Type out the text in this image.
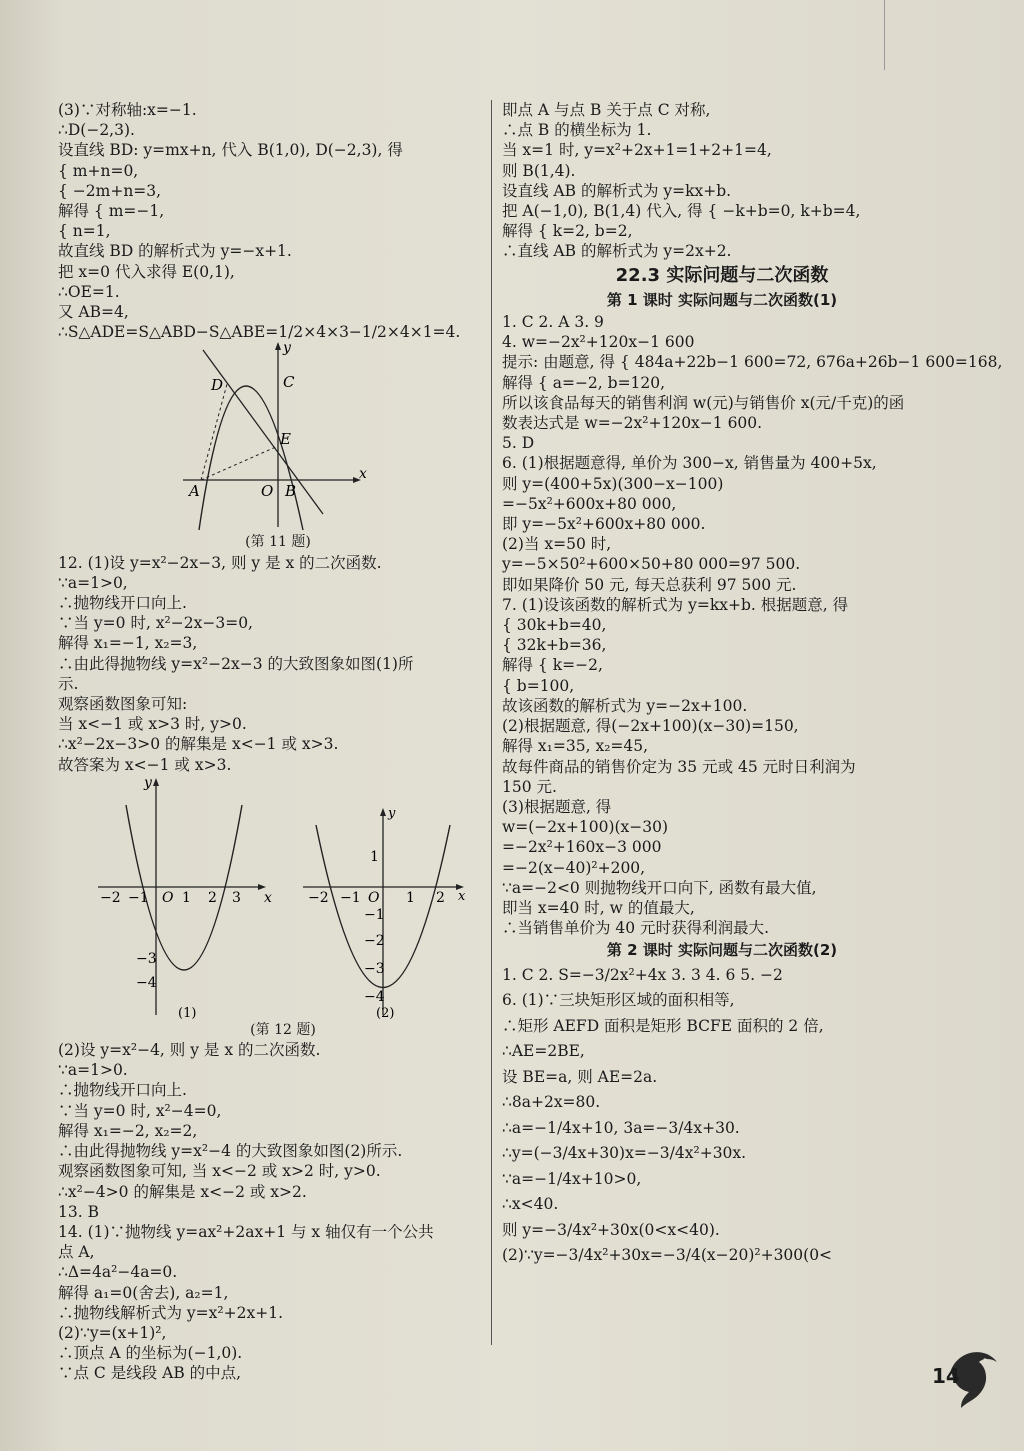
(3)∵对称轴:x=−1.
∴D(−2,3).
设直线 BD: y=mx+n, 代入 B(1,0), D(−2,3), 得
{ m+n=0,
{ −2m+n=3,
解得 { m=−1,
{ n=1,
故直线 BD 的解析式为 y=−x+1.
把 x=0 代入求得 E(0,1),
∴OE=1.
又 AB=4,
∴S△ADE=S△ABD−S△ABE=1/2×4×3−1/2×4×1=4.
y
x
D	C
E
A	O B
(第 11 题)
12. (1)设 y=x²−2x−3, 则 y 是 x 的二次函数.
∵a=1>0,
∴抛物线开口向上.
∵当 y=0 时, x²−2x−3=0,
解得 x₁=−1, x₂=3,
∴由此得抛物线 y=x²−2x−3 的大致图象如图(1)所
示.
观察函数图象可知:
当 x<−1 或 x>3 时, y>0.
∴x²−2x−3>0 的解集是 x<−1 或 x>3.
故答案为 x<−1 或 x>3.
−2 −1 O 1 2 3 x
y
−3
−4
−2 −1 O 1 2 x
y
1
−1
−2
−3
−4
(1)	(2)
(第 12 题)
(2)设 y=x²−4, 则 y 是 x 的二次函数.
∵a=1>0.
∴抛物线开口向上.
∵当 y=0 时, x²−4=0,
解得 x₁=−2, x₂=2,
∴由此得抛物线 y=x²−4 的大致图象如图(2)所示.
观察函数图象可知, 当 x<−2 或 x>2 时, y>0.
∴x²−4>0 的解集是 x<−2 或 x>2.
13. B
14. (1)∵抛物线 y=ax²+2ax+1 与 x 轴仅有一个公共
点 A,
∴Δ=4a²−4a=0.
解得 a₁=0(舍去), a₂=1,
∴抛物线解析式为 y=x²+2x+1.
(2)∵y=(x+1)²,
∴顶点 A 的坐标为(−1,0).
∵点 C 是线段 AB 的中点,
即点 A 与点 B 关于点 C 对称,
∴点 B 的横坐标为 1.
当 x=1 时, y=x²+2x+1=1+2+1=4,
则 B(1,4).
设直线 AB 的解析式为 y=kx+b.
把 A(−1,0), B(1,4) 代入, 得 { −k+b=0, k+b=4,
解得 { k=2, b=2,
∴直线 AB 的解析式为 y=2x+2.
22.3 实际问题与二次函数
第 1 课时 实际问题与二次函数(1)
1. C 2. A 3. 9
4. w=−2x²+120x−1 600
提示: 由题意, 得 { 484a+22b−1 600=72, 676a+26b−1 600=168,
解得 { a=−2, b=120,
所以该食品每天的销售利润 w(元)与销售价 x(元/千克)的函
数表达式是 w=−2x²+120x−1 600.
5. D
6. (1)根据题意得, 单价为 300−x, 销售量为 400+5x,
则 y=(400+5x)(300−x−100)
=−5x²+600x+80 000,
即 y=−5x²+600x+80 000.
(2)当 x=50 时,
y=−5×50²+600×50+80 000=97 500.
即如果降价 50 元, 每天总获利 97 500 元.
7. (1)设该函数的解析式为 y=kx+b. 根据题意, 得
{ 30k+b=40,
{ 32k+b=36,
解得 { k=−2,
{ b=100,
故该函数的解析式为 y=−2x+100.
(2)根据题意, 得(−2x+100)(x−30)=150,
解得 x₁=35, x₂=45,
故每件商品的销售价定为 35 元或 45 元时日利润为
150 元.
(3)根据题意, 得
w=(−2x+100)(x−30)
=−2x²+160x−3 000
=−2(x−40)²+200,
∵a=−2<0 则抛物线开口向下, 函数有最大值,
即当 x=40 时, w 的值最大,
∴当销售单价为 40 元时获得利润最大.
第 2 课时 实际问题与二次函数(2)
1. C 2. S=−3/2x²+4x 3. 3 4. 6 5. −2
6. (1)∵三块矩形区域的面积相等,
∴矩形 AEFD 面积是矩形 BCFE 面积的 2 倍,
∴AE=2BE,
设 BE=a, 则 AE=2a.
∴8a+2x=80.
∴a=−1/4x+10, 3a=−3/4x+30.
∴y=(−3/4x+30)x=−3/4x²+30x.
∵a=−1/4x+10>0,
∴x<40.
则 y=−3/4x²+30x(0<x<40).
(2)∵y=−3/4x²+30x=−3/4(x−20)²+300(0<
14
